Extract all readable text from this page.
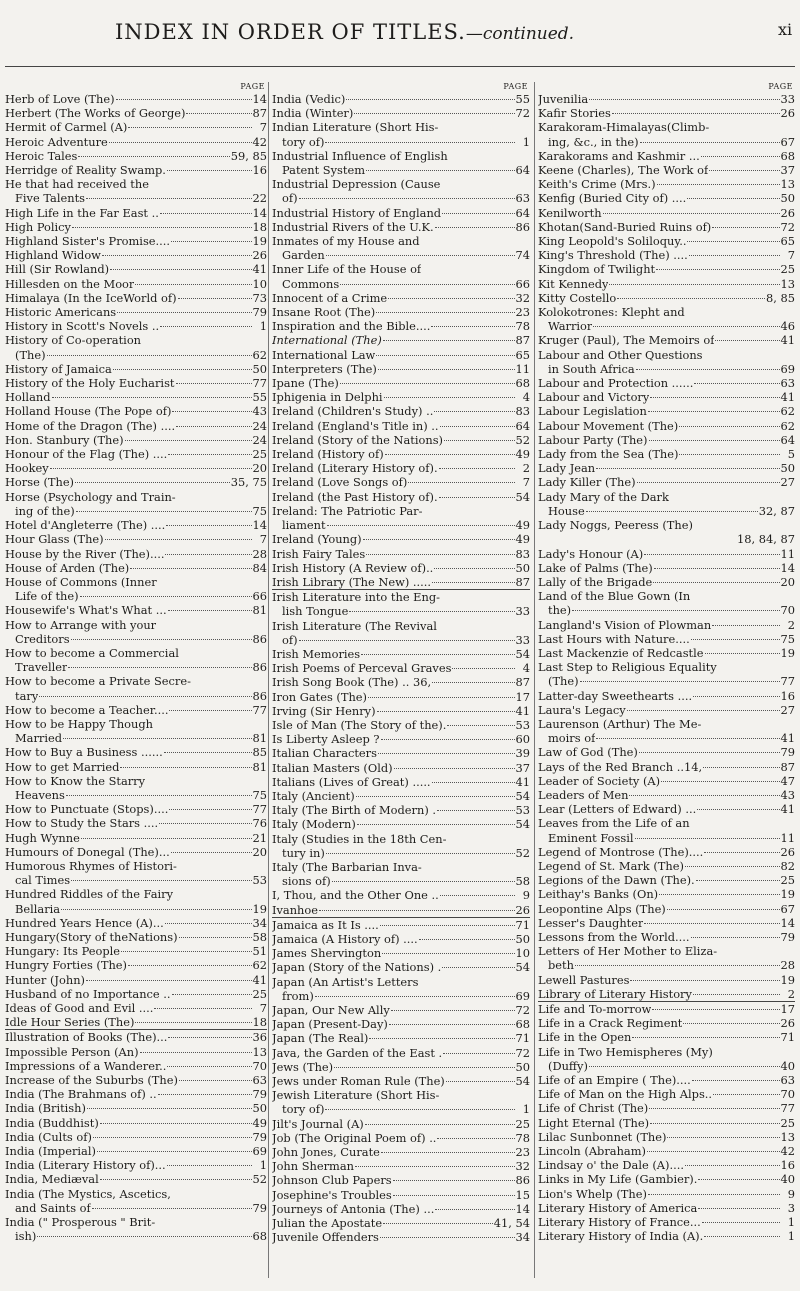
INDEX IN ORDER OF TITLES.—continued.	xi
PAGE
Herb of Love (The)	14
Herbert (The Works of George)	87
Hermit of Carmel (A)	7
Heroic Adventure	42
Heroic Tales	59, 85
Herridge of Reality Swamp.	16
He that had received the
Five Talents	22
High Life in the Far East ..	14
High Policy	18
Highland Sister's Promise....	19
Highland Widow	26
Hill (Sir Rowland)	41
Hillesden on the Moor	10
Himalaya (In the IceWorld of)	73
Historic Americans	79
History in Scott's Novels ..	1
History of Co-operation
(The)	62
History of Jamaica	50
History of the Holy Eucharist	77
Holland	55
Holland House (The Pope of)	43
Home of the Dragon (The) ....	24
Hon. Stanbury (The)	24
Honour of the Flag (The) ....	25
Hookey	20
Horse (The)	35, 75
Horse (Psychology and Train-
ing of the)	75
Hotel d'Angleterre (The) ....	14
Hour Glass (The)	7
House by the River (The)....	28
House of Arden (The)	84
House of Commons (Inner
Life of the)	66
Housewife's What's What ...	81
How to Arrange with your
Creditors	86
How to become a Commercial
Traveller	86
How to become a Private Secre-
tary	86
How to become a Teacher....	77
How to be Happy Though
Married	81
How to Buy a Business ......	85
How to get Married	81
How to Know the Starry
Heavens	75
How to Punctuate (Stops)....	77
How to Study the Stars ....	76
Hugh Wynne	21
Humours of Donegal (The)...	20
Humorous Rhymes of Histori-
cal Times	53
Hundred Riddles of the Fairy
Bellaria	19
Hundred Years Hence (A)...	34
Hungary(Story of theNations)	58
Hungary: Its People	51
Hungry Forties (The)	62
Hunter (John)	41
Husband of no Importance ..	25
Ideas of Good and Evil ....	7
Idle Hour Series (The)	18
Illustration of Books (The)...	36
Impossible Person (An)	13
Impressions of a Wanderer..	70
Increase of the Suburbs (The)	63
India (The Brahmans of) ..	79
India (British)	50
India (Buddhist)	49
India (Cults of)	79
India (Imperial)	69
India (Literary History of)...	1
India, Mediæval	52
India (The Mystics, Ascetics,
and Saints of	79
India (" Prosperous " Brit-
ish)	68
PAGE
India (Vedic)	55
India (Winter)	72
Indian Literature (Short His-
tory of)	1
Industrial Influence of English
Patent System	64
Industrial Depression (Cause
of)	63
Industrial History of England	64
Industrial Rivers of the U.K.	86
Inmates of my House and
Garden	74
Inner Life of the House of
Commons	66
Innocent of a Crime	32
Insane Root (The)	23
Inspiration and the Bible....	78
International (The)	87
International Law	65
Interpreters (The)	11
Ipane (The)	68
Iphigenia in Delphi	4
Ireland (Children's Study) ..	83
Ireland (England's Title in) ..	64
Ireland (Story of the Nations)	52
Ireland (History of)	49
Ireland (Literary History of).	2
Ireland (Love Songs of)	7
Ireland (the Past History of).	54
Ireland: The Patriotic Par-
liament	49
Ireland (Young)	49
Irish Fairy Tales	83
Irish History (A Review of)..	50
Irish Library (The New) .....	87
Irish Literature into the Eng-
lish Tongue	33
Irish Literature (The Revival
of)	33
Irish Memories	54
Irish Poems of Perceval Graves	4
Irish Song Book (The) .. 36,	87
Iron Gates (The)	17
Irving (Sir Henry)	41
Isle of Man (The Story of the).	53
Is Liberty Asleep ?	60
Italian Characters	39
Italian Masters (Old)	37
Italians (Lives of Great) .....	41
Italy (Ancient)	54
Italy (The Birth of Modern) .	53
Italy (Modern)	54
Italy (Studies in the 18th Cen-
tury in)	52
Italy (The Barbarian Inva-
sions of)	58
I, Thou, and the Other One ..	9
Ivanhoe	26
Jamaica as It Is ....	71
Jamaica (A History of) ....	50
James Shervington	10
Japan (Story of the Nations) .	54
Japan (An Artist's Letters
from)	69
Japan, Our New Ally	72
Japan (Present-Day)	68
Japan (The Real)	71
Java, the Garden of the East .	72
Jews (The)	50
Jews under Roman Rule (The)	54
Jewish Literature (Short His-
tory of)	1
Jilt's Journal (A)	25
Job (The Original Poem of) ..	78
John Jones, Curate	23
John Sherman	32
Johnson Club Papers	86
Josephine's Troubles	15
Journeys of Antonia (The) ...	14
Julian the Apostate	41, 54
Juvenile Offenders	34
PAGE
Juvenilia	33
Kafir Stories	26
Karakoram-Himalayas(Climb-
ing, &c., in the)	67
Karakorams and Kashmir ...	68
Keene (Charles), The Work of	37
Keith's Crime (Mrs.)	13
Kenfig (Buried City of) ....	50
Kenilworth	26
Khotan(Sand-Buried Ruins of)	72
King Leopold's Soliloquy..	65
King's Threshold (The) ....	7
Kingdom of Twilight	25
Kit Kennedy	13
Kitty Costello	8, 85
Kolokotrones: Klepht and
Warrior	46
Kruger (Paul), The Memoirs of	41
Labour and Other Questions
in South Africa	69
Labour and Protection ......	63
Labour and Victory	41
Labour Legislation	62
Labour Movement (The)	62
Labour Party (The)	64
Lady from the Sea (The)	5
Lady Jean	50
Lady Killer (The)	27
Lady Mary of the Dark
House	32, 87
Lady Noggs, Peeress (The)
18, 84, 87
Lady's Honour (A)	11
Lake of Palms (The)	14
Lally of the Brigade	20
Land of the Blue Gown (In
the)	70
Langland's Vision of Plowman	2
Last Hours with Nature....	75
Last Mackenzie of Redcastle	19
Last Step to Religious Equality
(The)	77
Latter-day Sweethearts ....	16
Laura's Legacy	27
Laurenson (Arthur) The Me-
moirs of	41
Law of God (The)	79
Lays of the Red Branch ..14,	87
Leader of Society (A)	47
Leaders of Men	43
Lear (Letters of Edward) ...	41
Leaves from the Life of an
Eminent Fossil	11
Legend of Montrose (The)....	26
Legend of St. Mark (The)	82
Legions of the Dawn (The).	25
Leithay's Banks (On)	19
Leopontine Alps (The)	67
Lesser's Daughter	14
Lessons from the World....	79
Letters of Her Mother to Eliza-
beth	28
Lewell Pastures	19
Library of Literary History	2
Life and To-morrow	17
Life in a Crack Regiment	26
Life in the Open	71
Life in Two Hemispheres (My)
(Duffy)	40
Life of an Empire ( The)....	63
Life of Man on the High Alps..	70
Life of Christ (The)	77
Light Eternal (The)	25
Lilac Sunbonnet (The)	13
Lincoln (Abraham)	42
Lindsay o' the Dale (A)....	16
Links in My Life (Gambier).	40
Lion's Whelp (The)	9
Literary History of America	3
Literary History of France...	1
Literary History of India (A).	1
